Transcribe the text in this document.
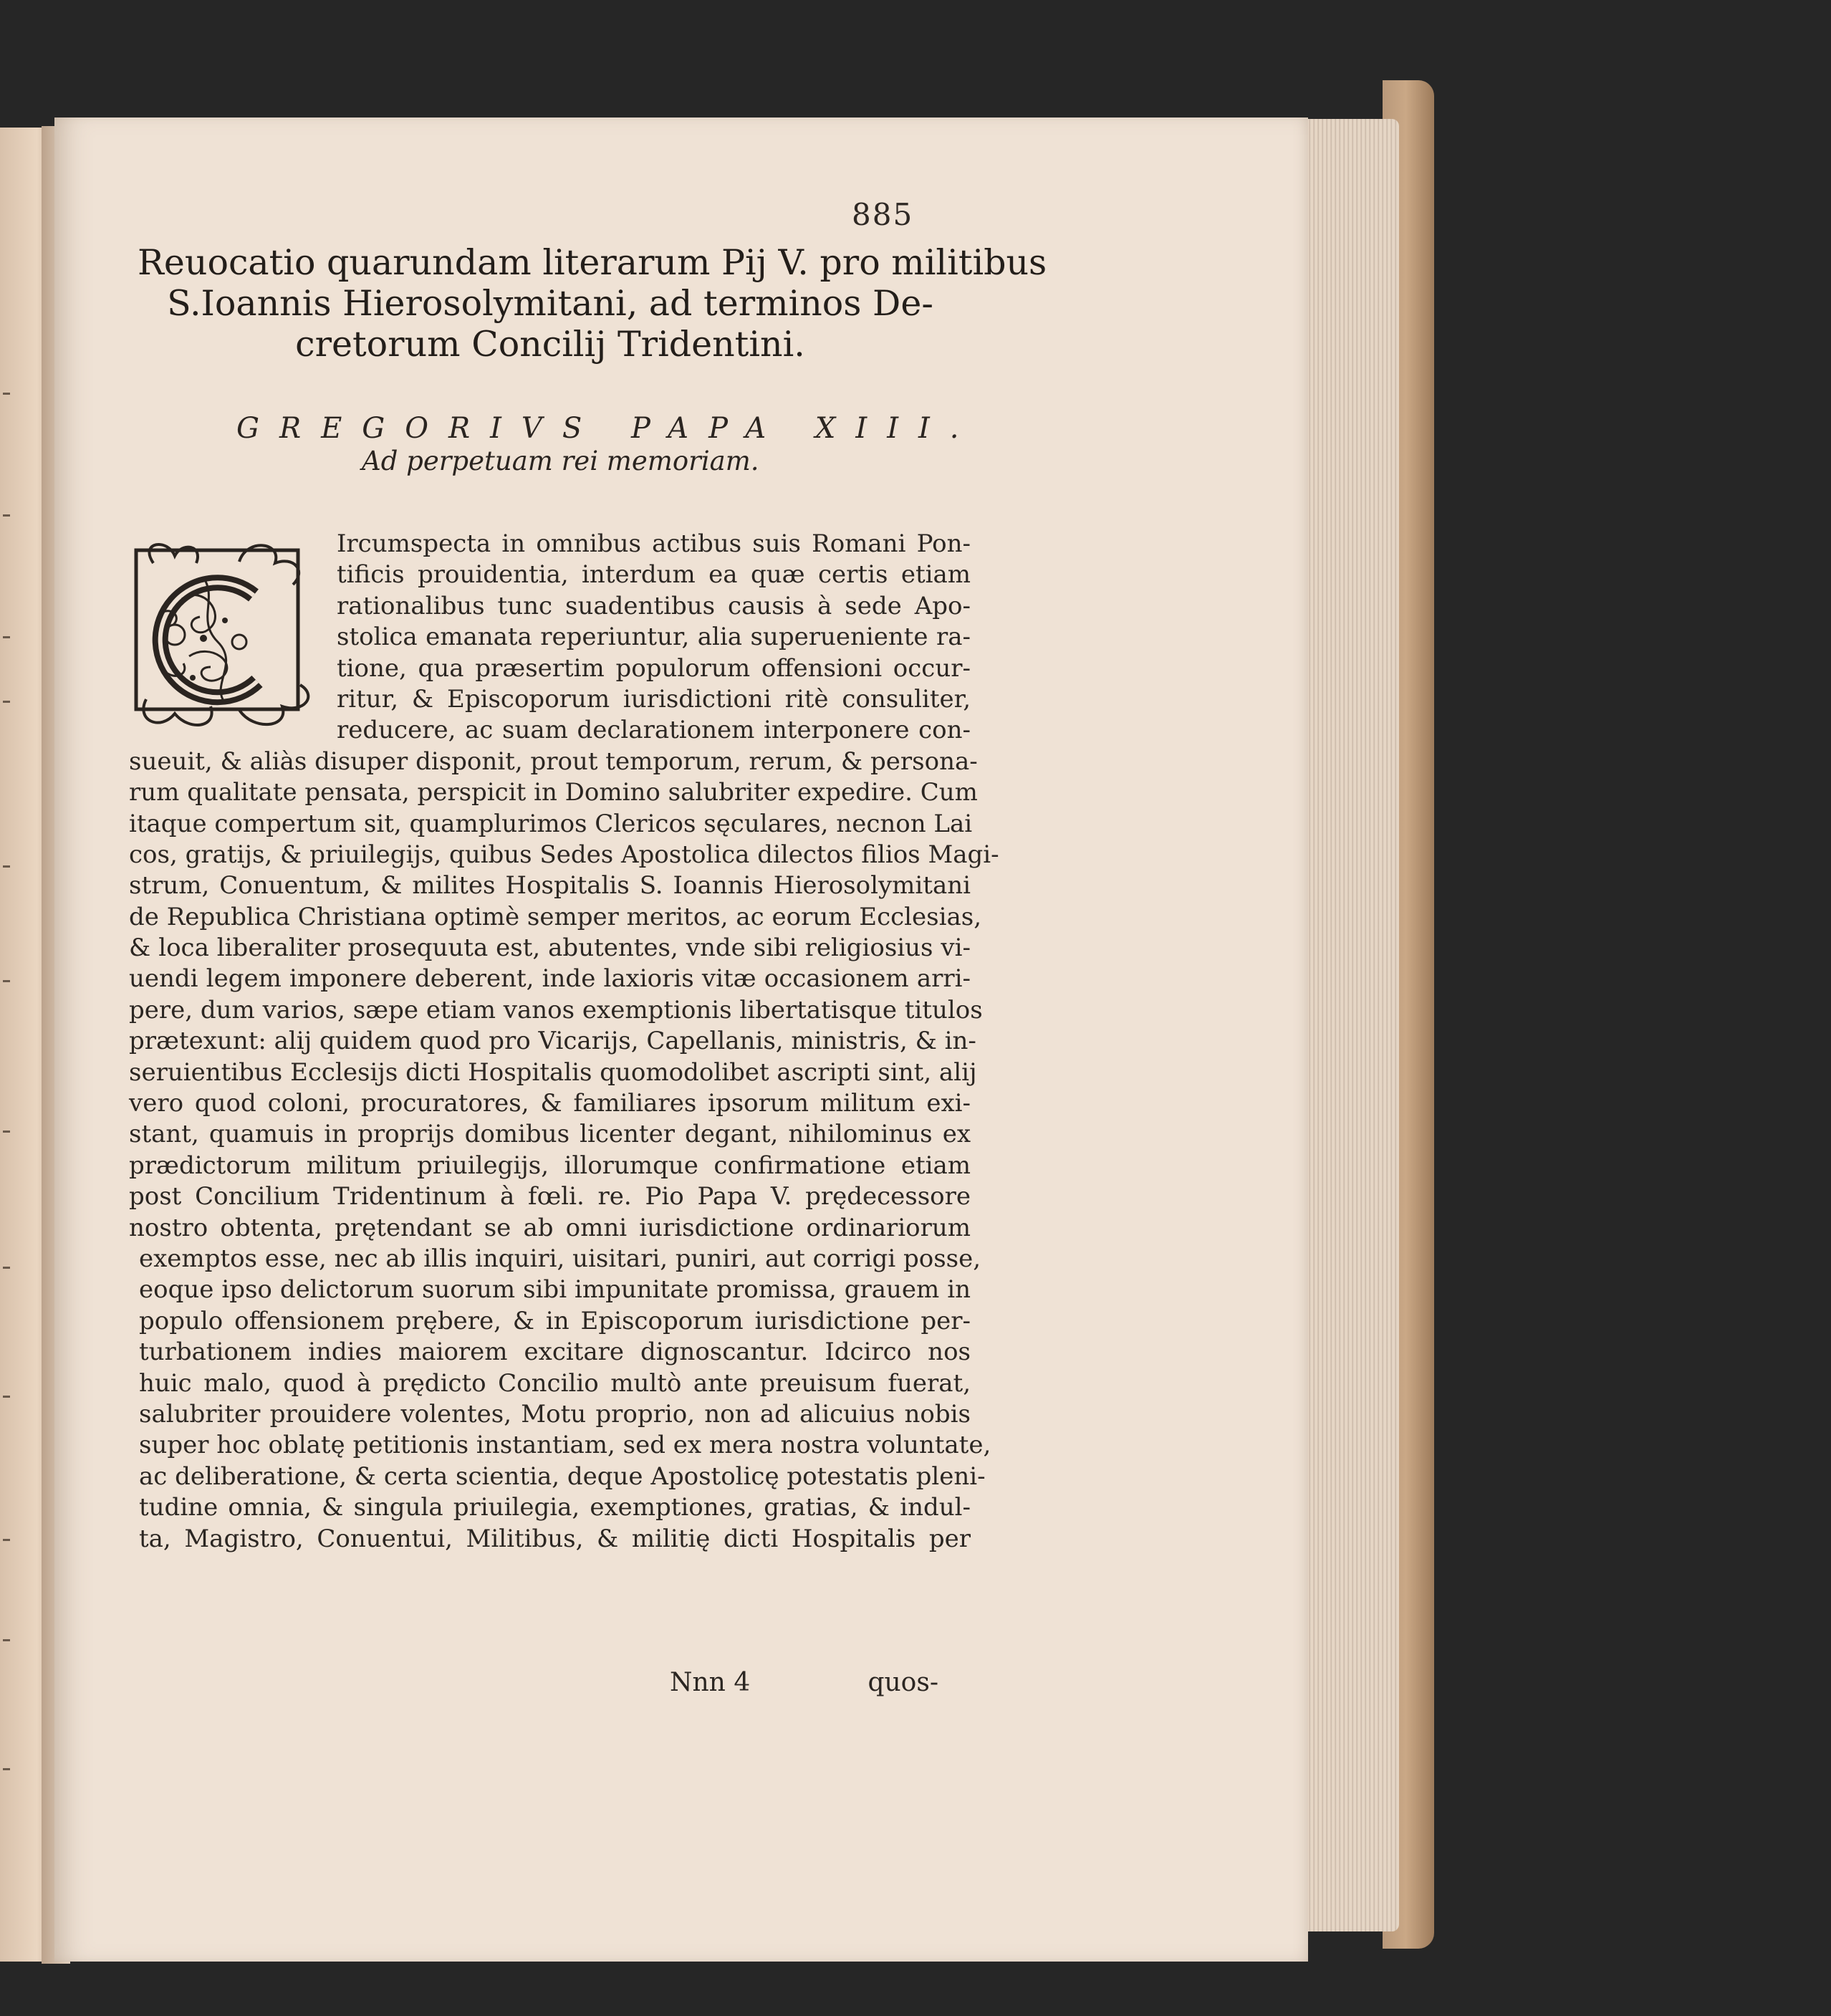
885
Reuocatio quarundam literarum Pij V. pro militibus
S.Ioannis Hierosolymitani, ad terminos De-
cretorum Concilij Tridentini.
GREGORIVS PAPA XIII.
Ad perpetuam rei memoriam.
Ircumspecta in omnibus actibus suis Romani Pon-
tificis prouidentia, interdum ea quæ certis etiam
rationalibus tunc suadentibus causis à sede Apo-
stolica emanata reperiuntur, alia superueniente ra-
tione, qua præsertim populorum offensioni occur-
ritur, & Episcoporum iurisdictioni ritè consuliter,
reducere, ac suam declarationem interponere con-
sueuit, & aliàs disuper disponit, prout temporum, rerum, & persona-
rum qualitate pensata, perspicit in Domino salubriter expedire. Cum
itaque compertum sit, quamplurimos Clericos sęculares, necnon Lai
cos, gratijs, & priuilegijs, quibus Sedes Apostolica dilectos filios Magi-
strum, Conuentum, & milites Hospitalis S. Ioannis Hierosolymitani
de Republica Christiana optimè semper meritos, ac eorum Ecclesias,
& loca liberaliter prosequuta est, abutentes, vnde sibi religiosius vi-
uendi legem imponere deberent, inde laxioris vitæ occasionem arri-
pere, dum varios, sæpe etiam vanos exemptionis libertatisque titulos
prætexunt: alij quidem quod pro Vicarijs, Capellanis, ministris, & in-
seruientibus Ecclesijs dicti Hospitalis quomodolibet ascripti sint, alij
vero quod coloni, procuratores, & familiares ipsorum militum exi-
stant, quamuis in proprijs domibus licenter degant, nihilominus ex
prædictorum militum priuilegijs, illorumque confirmatione etiam
post Concilium Tridentinum à fœli. re. Pio Papa V. prędecessore
nostro obtenta, prętendant se ab omni iurisdictione ordinariorum
exemptos esse, nec ab illis inquiri, uisitari, puniri, aut corrigi posse,
eoque ipso delictorum suorum sibi impunitate promissa, grauem in
populo offensionem prębere, & in Episcoporum iurisdictione per-
turbationem indies maiorem excitare dignoscantur. Idcirco nos
huic malo, quod à prędicto Concilio multò ante preuisum fuerat,
salubriter prouidere volentes, Motu proprio, non ad alicuius nobis
super hoc oblatę petitionis instantiam, sed ex mera nostra voluntate,
ac deliberatione, & certa scientia, deque Apostolicę potestatis pleni-
tudine omnia, & singula priuilegia, exemptiones, gratias, & indul-
ta, Magistro, Conuentui, Militibus, & militię dicti Hospitalis per
Nnn 4	quos-
